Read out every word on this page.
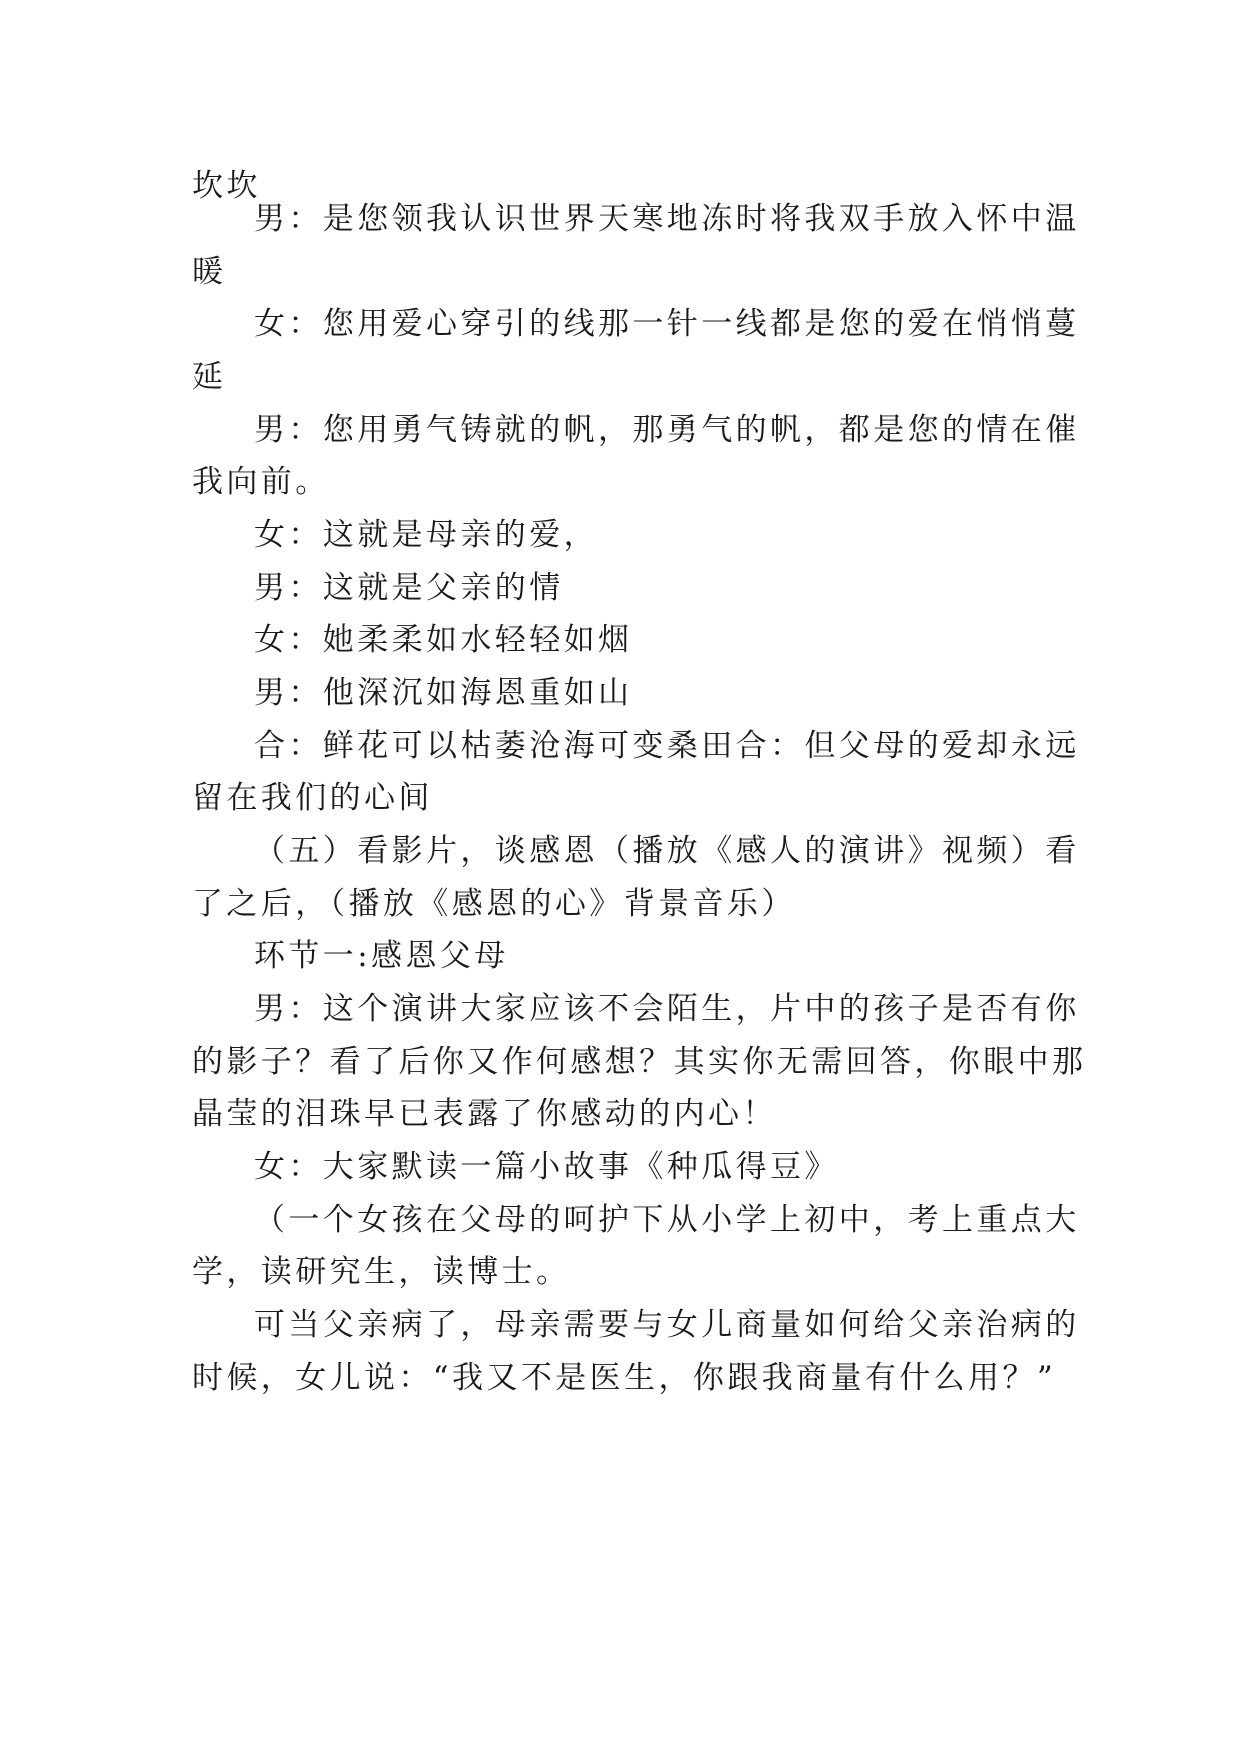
坎坎
男：是您领我认识世界天寒地冻时将我双手放入怀中温
暖
女：您用爱心穿引的线那一针一线都是您的爱在悄悄蔓
延
男：您用勇气铸就的帆，那勇气的帆，都是您的情在催
我向前。
女：这就是母亲的爱，
男：这就是父亲的情
女：她柔柔如水轻轻如烟
男：他深沉如海恩重如山
合：鲜花可以枯萎沧海可变桑田合：但父母的爱却永远
留在我们的心间
（五）看影片，谈感恩（播放《感人的演讲》视频）看
了之后，（播放《感恩的心》背景音乐）
环节一:感恩父母
男：这个演讲大家应该不会陌生，片中的孩子是否有你
的影子？看了后你又作何感想？其实你无需回答，你眼中那
晶莹的泪珠早已表露了你感动的内心！
女：大家默读一篇小故事《种瓜得豆》
（一个女孩在父母的呵护下从小学上初中，考上重点大
学，读研究生，读博士。
可当父亲病了，母亲需要与女儿商量如何给父亲治病的
时候，女儿说：“我又不是医生，你跟我商量有什么用？”
